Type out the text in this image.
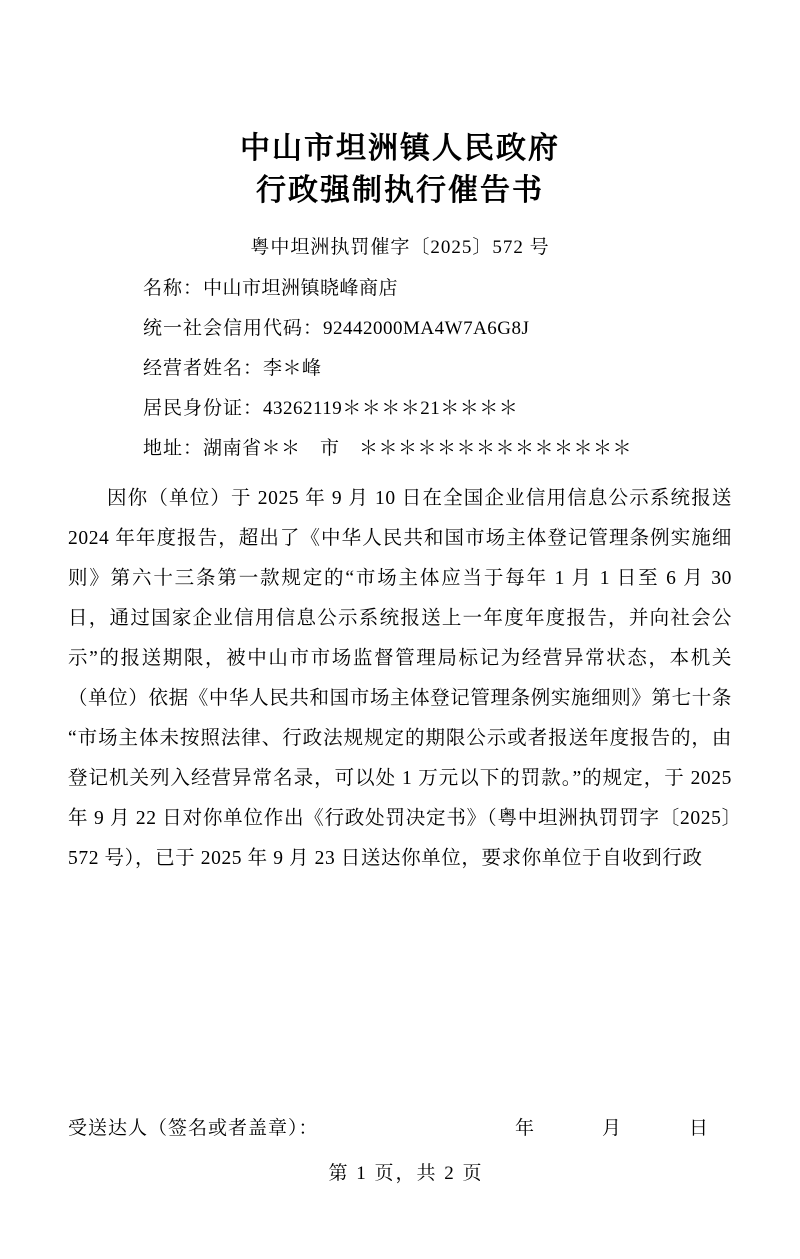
中山市坦洲镇人民政府
行政强制执行催告书
粤中坦洲执罚催字〔2025〕572 号
名称：中山市坦洲镇晓峰商店
统一社会信用代码：92442000MA4W7A6G8J
经营者姓名：李＊峰
居民身份证：43262119＊＊＊＊21＊＊＊＊
地址：湖南省＊＊　市　＊＊＊＊＊＊＊＊＊＊＊＊＊＊
因你（单位）于 2025 年 9 月 10 日在全国企业信用信息公示系统报送 2024 年年度报告，超出了《中华人民共和国市场主体登记管理条例实施细则》第六十三条第一款规定的“市场主体应当于每年 1 月 1 日至 6 月 30 日，通过国家企业信用信息公示系统报送上一年度年度报告，并向社会公示”的报送期限，被中山市市场监督管理局标记为经营异常状态，本机关（单位）依据《中华人民共和国市场主体登记管理条例实施细则》第七十条“市场主体未按照法律、行政法规规定的期限公示或者报送年度报告的，由登记机关列入经营异常名录，可以处 1 万元以下的罚款。”的规定，于 2025 年 9 月 22 日对你单位作出《行政处罚决定书》（粤中坦洲执罚罚字〔2025〕572 号），已于 2025 年 9 月 23 日送达你单位，要求你单位于自收到行政
受送达人（签名或者盖章）：	年　　月　　日
第 1 页，共 2 页
